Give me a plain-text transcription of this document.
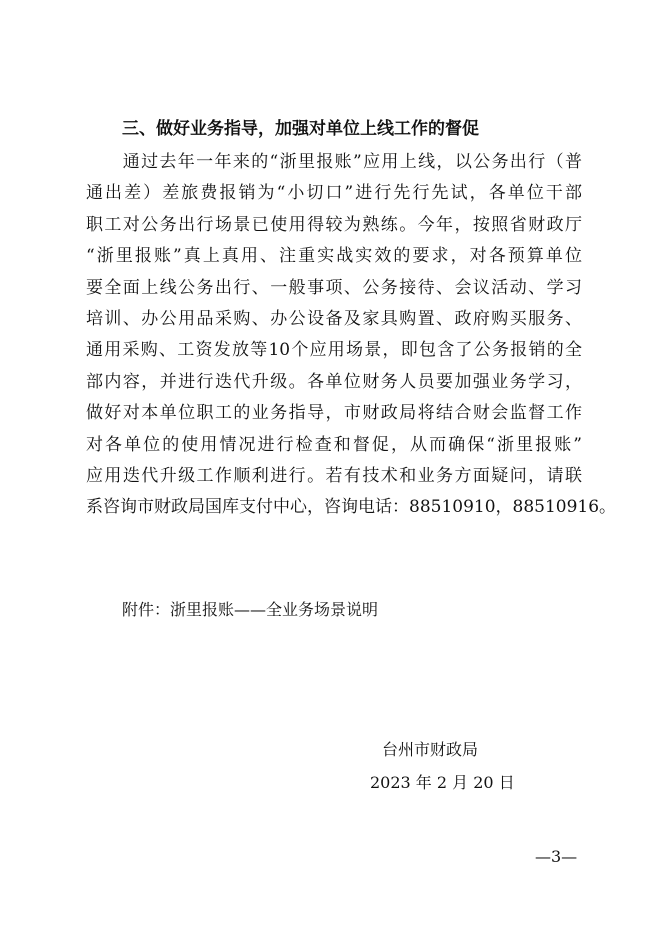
三、做好业务指导，加强对单位上线工作的督促
　　通过去年一年来的“浙里报账”应用上线，以公务出行（普
通出差）差旅费报销为“小切口”进行先行先试，各单位干部
职工对公务出行场景已使用得较为熟练。今年，按照省财政厅
“浙里报账”真上真用、注重实战实效的要求，对各预算单位
要全面上线公务出行、一般事项、公务接待、会议活动、学习
培训、办公用品采购、办公设备及家具购置、政府购买服务、
通用采购、工资发放等10个应用场景，即包含了公务报销的全
部内容，并进行迭代升级。各单位财务人员要加强业务学习，
做好对本单位职工的业务指导，市财政局将结合财会监督工作
对各单位的使用情况进行检查和督促，从而确保“浙里报账”
应用迭代升级工作顺利进行。若有技术和业务方面疑问，请联
系咨询市财政局国库支付中心，咨询电话：88510910，88510916。
附件：浙里报账——全业务场景说明
台州市财政局
2023 年 2 月 20 日
—3—
